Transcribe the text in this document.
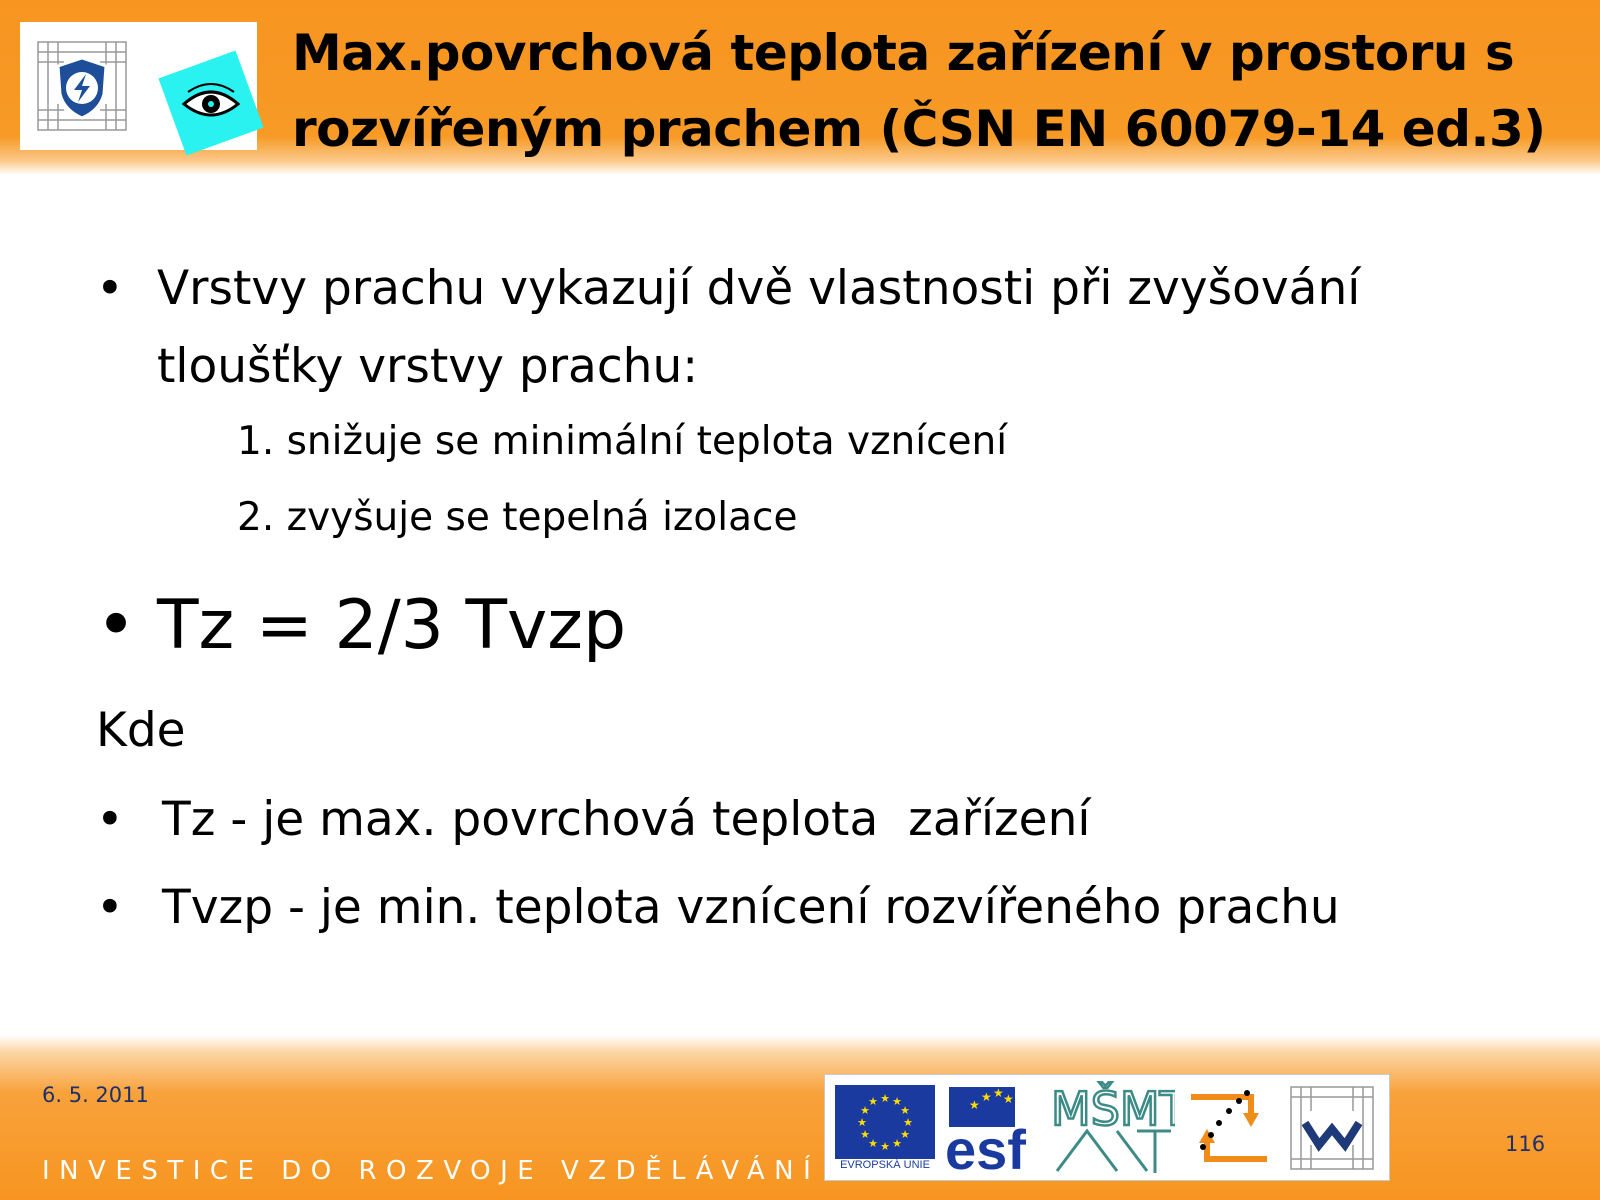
Max.povrchová teplota zařízení v prostoru s
rozvířeným prachem (ČSN EN 60079-14 ed.3)
• Vrstvy prachu vykazují dvě vlastnosti při zvyšování
tloušťky vrstvy prachu:
1. snižuje se minimální teplota vznícení
2. zvyšuje se tepelná izolace
• Tz = 2/3 Tvzp
Kde

•

Tz - je max. povrchová teplota  zařízení

•

Tvzp - je min. teplota vznícení rozvířeného prachu

6. 5. 2011
INVESTICE DO ROZVOJE VZDĚLÁVÁNÍ
116
★ ★
★
★
★
★
★
★
★
★
★
★
EVROPSKÁ UNIE
★
★ ★ ★
esf
MŠMT
